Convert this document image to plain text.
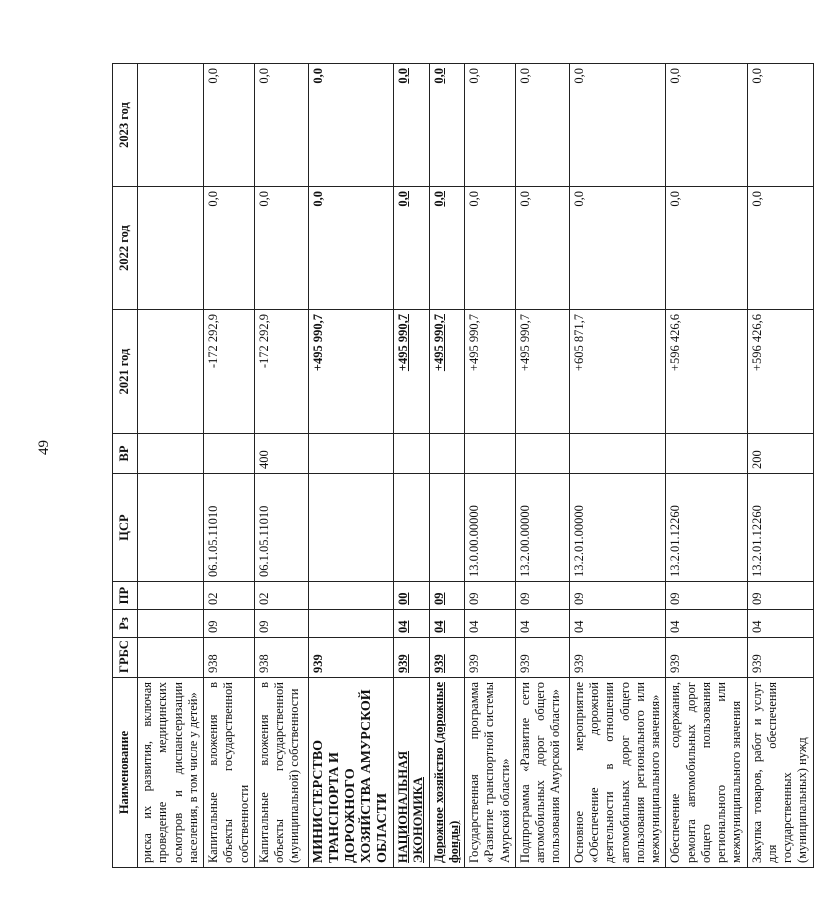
49
Наименование	ГРБС	Рз	ПР	ЦСР	ВР	2021 год	2022 год	2023 год
риска их развития, включая проведение медицинских осмотров и диспансеризации населения, в том числе у детей»								
Капитальные вложения в объекты государственной собственности	938	09	02	06.1.05.11010		-172 292,9	0,0	0,0
Капитальные вложения в объекты государственной (муниципальной) собственности	938	09	02	06.1.05.11010	400	-172 292,9	0,0	0,0
МИНИСТЕРСТВО ТРАНСПОРТА И ДОРОЖНОГО ХОЗЯЙСТВА АМУРСКОЙ ОБЛАСТИ	939					+495 990,7	0,0	0,0
НАЦИОНАЛЬНАЯ ЭКОНОМИКА	939	04	00			+495 990,7	0,0	0,0
Дорожное хозяйство (дорожные фонды)	939	04	09			+495 990,7	0,0	0,0
Государственная программа «Развитие транспортной системы Амурской области»	939	04	09	13.0.00.00000		+495 990,7	0,0	0,0
Подпрограмма «Развитие сети автомобильных дорог общего пользования Амурской области»	939	04	09	13.2.00.00000		+495 990,7	0,0	0,0
Основное мероприятие «Обеспечение дорожной деятельности в отношении автомобильных дорог общего пользования регионального или межмуниципального значения»	939	04	09	13.2.01.00000		+605 871,7	0,0	0,0
Обеспечение содержания, ремонта автомобильных дорог общего пользования регионального или межмуниципального значения	939	04	09	13.2.01.12260		+596 426,6	0,0	0,0
Закупка товаров, работ и услуг для обеспечения государственных (муниципальных) нужд	939	04	09	13.2.01.12260	200	+596 426,6	0,0	0,0
